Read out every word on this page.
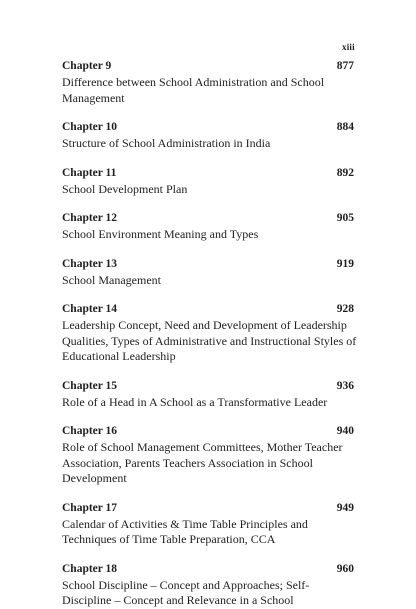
xiii
Chapter 9	877
Difference between School Administration and School Management
Chapter 10	884
Structure of School Administration in India
Chapter 11	892
School Development Plan
Chapter 12	905
School Environment Meaning and Types
Chapter 13	919
School Management
Chapter 14	928
Leadership Concept, Need and Development of Leadership Qualities, Types of Administrative and Instructional Styles of Educational Leadership
Chapter 15	936
Role of a Head in A School as a Transformative Leader
Chapter 16	940
Role of School Management Committees, Mother Teacher Association, Parents Teachers Association in School Development
Chapter 17	949
Calendar of Activities & Time Table Principles and Techniques of Time Table Preparation, CCA
Chapter 18	960
School Discipline – Concept and Approaches; Self-Discipline – Concept and Relevance in a School
